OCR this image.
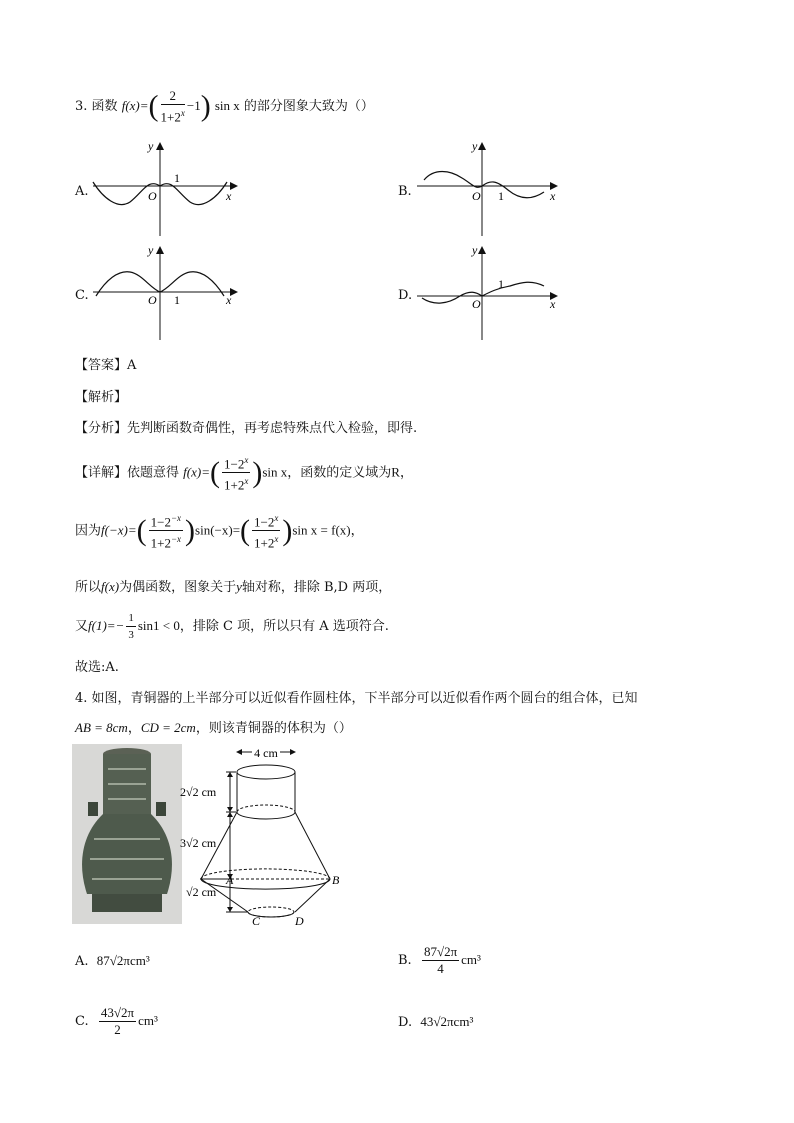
3. 函数 $f(x)=( \frac{2}{1+2^x} -1)$ sin x 的部分图象大致为（）
A.
y
x
O
1
B.
y
x
O 1
C.
y
x
O 1	D.
y
x
O
1
【答案】A
【解析】
【分析】先判断函数奇偶性，再考虑特殊点代入检验，即得.
【详解】依题意得 $f(x)=( \frac{1-2^x}{1+2^x} )\sin$ x，函数的定义域为R，
因为$f(-x)=( \frac{1-2^{-x}}{1+2^{-x}} )\sin(-x)=( \frac{1-2^x}{1+2^x} )\sin$ x = f(x)，
所以f(x)为偶函数，图象关于y轴对称，排除 B,D 两项，
又$f(1)=- \frac{1}{3} \sin 1 < 0$，排除 C 项，所以只有 A 选项符合.
故选:A.
4. 如图，青铜器的上半部分可以近似看作圆柱体，下半部分可以近似看作两个圆台的组合体，已知
AB = 8cm，CD = 2cm，则该青铜器的体积为（）
4 cm
2√2 cm
3√2 cm
√2 cm
A	B
C	D
A. 87√2πcm³	B. $\frac{87√2\pi}{4} cm^3$
C. $\frac{43√2\pi}{2} cm^3$	D. 43√2πcm³
